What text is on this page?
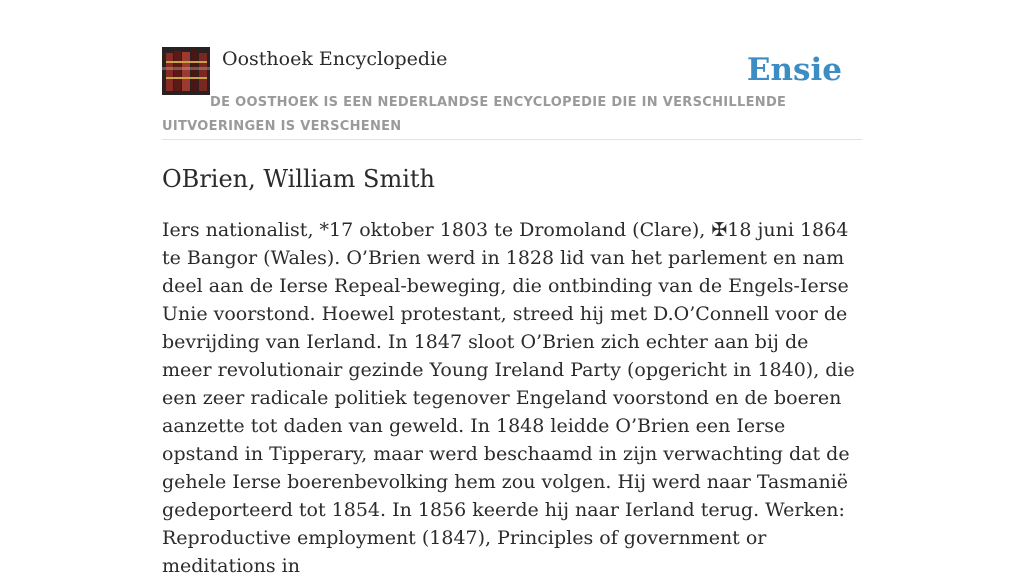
Oosthoek Encyclopedie	Ensie
DE OOSTHOEK IS EEN NEDERLANDSE ENCYCLOPEDIE DIE IN VERSCHILLENDE UITVOERINGEN IS VERSCHENEN
OBrien, William Smith

Iers nationalist, *17 oktober 1803 te Dromoland (Clare), ✠18 juni 1864 te Bangor (Wales). O’Brien werd in 1828 lid van het parlement en nam deel aan de Ierse Repeal-beweging, die ontbinding van de Engels-Ierse Unie voorstond. Hoewel protestant, streed hij met D.O’Connell voor de bevrijding van Ierland. In 1847 sloot O’Brien zich echter aan bij de meer revolutionair gezinde Young Ireland Party (opgericht in 1840), die een zeer radicale politiek tegenover Engeland voorstond en de boeren aanzette tot daden van geweld. In 1848 leidde O’Brien een Ierse opstand in Tipperary, maar werd beschaamd in zijn verwachting dat de gehele Ierse boerenbevolking hem zou volgen. Hij werd naar Tasmanië gedeporteerd tot 1854. In 1856 keerde hij naar Ierland terug. Werken: Reproductive employment (1847), Principles of government or meditations in
